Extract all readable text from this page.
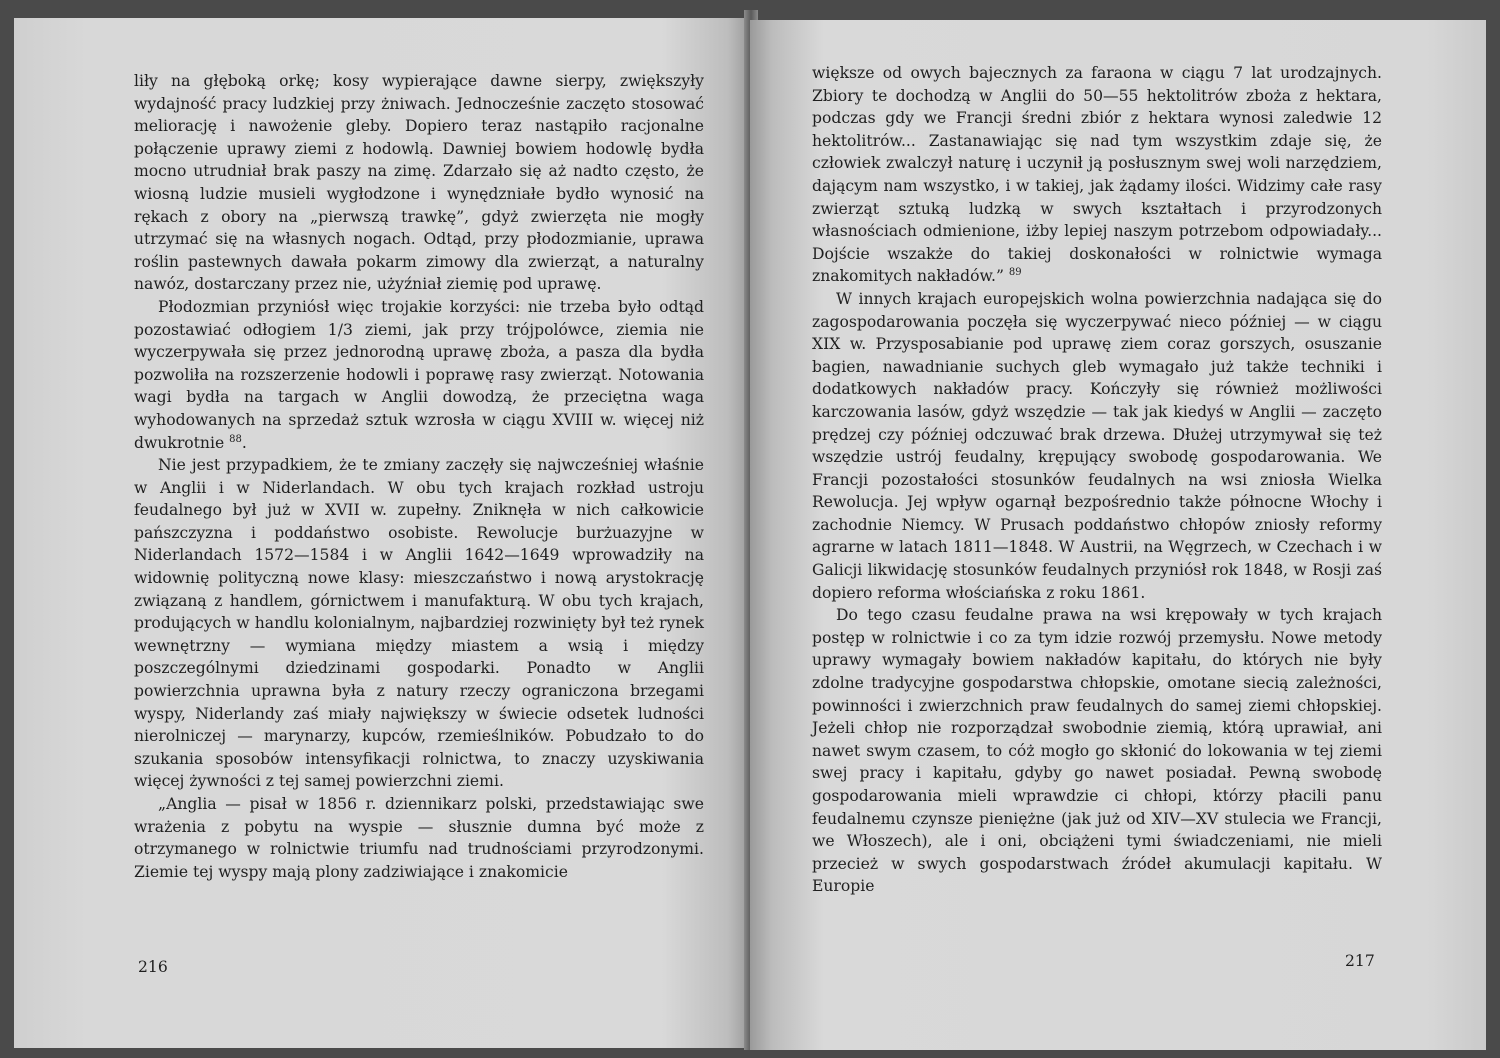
liły na głęboką orkę; kosy wypierające dawne sierpy, zwiększyły wydajność pracy ludzkiej przy żniwach. Jednocześnie zaczęto stosować meliorację i nawożenie gleby. Dopiero teraz nastąpiło racjonalne połączenie uprawy ziemi z hodowlą. Dawniej bowiem hodowlę bydła mocno utrudniał brak paszy na zimę. Zdarzało się aż nadto często, że wiosną ludzie musieli wygłodzone i wynędzniałe bydło wynosić na rękach z obory na „pierwszą trawkę”, gdyż zwierzęta nie mogły utrzymać się na własnych nogach. Odtąd, przy płodozmianie, uprawa roślin pastewnych dawała pokarm zimowy dla zwierząt, a naturalny nawóz, dostarczany przez nie, użyźniał ziemię pod uprawę.

Płodozmian przyniósł więc trojakie korzyści: nie trzeba było odtąd pozostawiać odłogiem 1/3 ziemi, jak przy trójpolówce, ziemia nie wyczerpywała się przez jednorodną uprawę zboża, a pasza dla bydła pozwoliła na rozszerzenie hodowli i poprawę rasy zwierząt. Notowania wagi bydła na targach w Anglii dowodzą, że przeciętna waga wyhodowanych na sprzedaż sztuk wzrosła w ciągu XVIII w. więcej niż dwukrotnie $^{88}$.

Nie jest przypadkiem, że te zmiany zaczęły się najwcześniej właśnie w Anglii i w Niderlandach. W obu tych krajach rozkład ustroju feudalnego był już w XVII w. zupełny. Zniknęła w nich całkowicie pańszczyzna i poddaństwo osobiste. Rewolucje burżuazyjne w Niderlandach 1572—1584 i w Anglii 1642—1649 wprowadziły na widownię polityczną nowe klasy: mieszczaństwo i nową arystokrację związaną z handlem, górnictwem i manufakturą. W obu tych krajach, produjących w handlu kolonialnym, najbardziej rozwinięty był też rynek wewnętrzny — wymiana między miastem a wsią i między poszczególnymi dziedzinami gospodarki. Ponadto w Anglii powierzchnia uprawna była z natury rzeczy ograniczona brzegami wyspy, Niderlandy zaś miały największy w świecie odsetek ludności nierolniczej — marynarzy, kupców, rzemieślników. Pobudzało to do szukania sposobów intensyfikacji rolnictwa, to znaczy uzyskiwania więcej żywności z tej samej powierzchni ziemi.

„Anglia — pisał w 1856 r. dziennikarz polski, przedstawiając swe wrażenia z pobytu na wyspie — słusznie dumna być może z otrzymanego w rolnictwie triumfu nad trudnościami przyrodzonymi. Ziemie tej wyspy mają plony zadziwiające i znakomicie

216

większe od owych bajecznych za faraona w ciągu 7 lat urodzajnych. Zbiory te dochodzą w Anglii do 50—55 hektolitrów zboża z hektara, podczas gdy we Francji średni zbiór z hektara wynosi zaledwie 12 hektolitrów... Zastanawiając się nad tym wszystkim zdaje się, że człowiek zwalczył naturę i uczynił ją posłusznym swej woli narzędziem, dającym nam wszystko, i w takiej, jak żądamy ilości. Widzimy całe rasy zwierząt sztuką ludzką w swych kształtach i przyrodzonych własnościach odmienione, iżby lepiej naszym potrzebom odpowiadały... Dojście wszakże do takiej doskonałości w rolnictwie wymaga znakomitych nakładów.” $^{89}$

W innych krajach europejskich wolna powierzchnia nadająca się do zagospodarowania poczęła się wyczerpywać nieco później — w ciągu XIX w. Przysposabianie pod uprawę ziem coraz gorszych, osuszanie bagien, nawadnianie suchych gleb wymagało już także techniki i dodatkowych nakładów pracy. Kończyły się również możliwości karczowania lasów, gdyż wszędzie — tak jak kiedyś w Anglii — zaczęto prędzej czy później odczuwać brak drzewa. Dłużej utrzymywał się też wszędzie ustrój feudalny, krępujący swobodę gospodarowania. We Francji pozostałości stosunków feudalnych na wsi zniosła Wielka Rewolucja. Jej wpływ ogarnął bezpośrednio także północne Włochy i zachodnie Niemcy. W Prusach poddaństwo chłopów zniosły reformy agrarne w latach 1811—1848. W Austrii, na Węgrzech, w Czechach i w Galicji likwidację stosunków feudalnych przyniósł rok 1848, w Rosji zaś dopiero reforma włościańska z roku 1861.

Do tego czasu feudalne prawa na wsi krępowały w tych krajach postęp w rolnictwie i co za tym idzie rozwój przemysłu. Nowe metody uprawy wymagały bowiem nakładów kapitału, do których nie były zdolne tradycyjne gospodarstwa chłopskie, omotane siecią zależności, powinności i zwierzchnich praw feudalnych do samej ziemi chłopskiej. Jeżeli chłop nie rozporządzał swobodnie ziemią, którą uprawiał, ani nawet swym czasem, to cóż mogło go skłonić do lokowania w tej ziemi swej pracy i kapitału, gdyby go nawet posiadał. Pewną swobodę gospodarowania mieli wprawdzie ci chłopi, którzy płacili panu feudalnemu czynsze pieniężne (jak już od XIV—XV stulecia we Francji, we Włoszech), ale i oni, obciążeni tymi świadczeniami, nie mieli przecież w swych gospodarstwach źródeł akumulacji kapitału. W Europie

217
